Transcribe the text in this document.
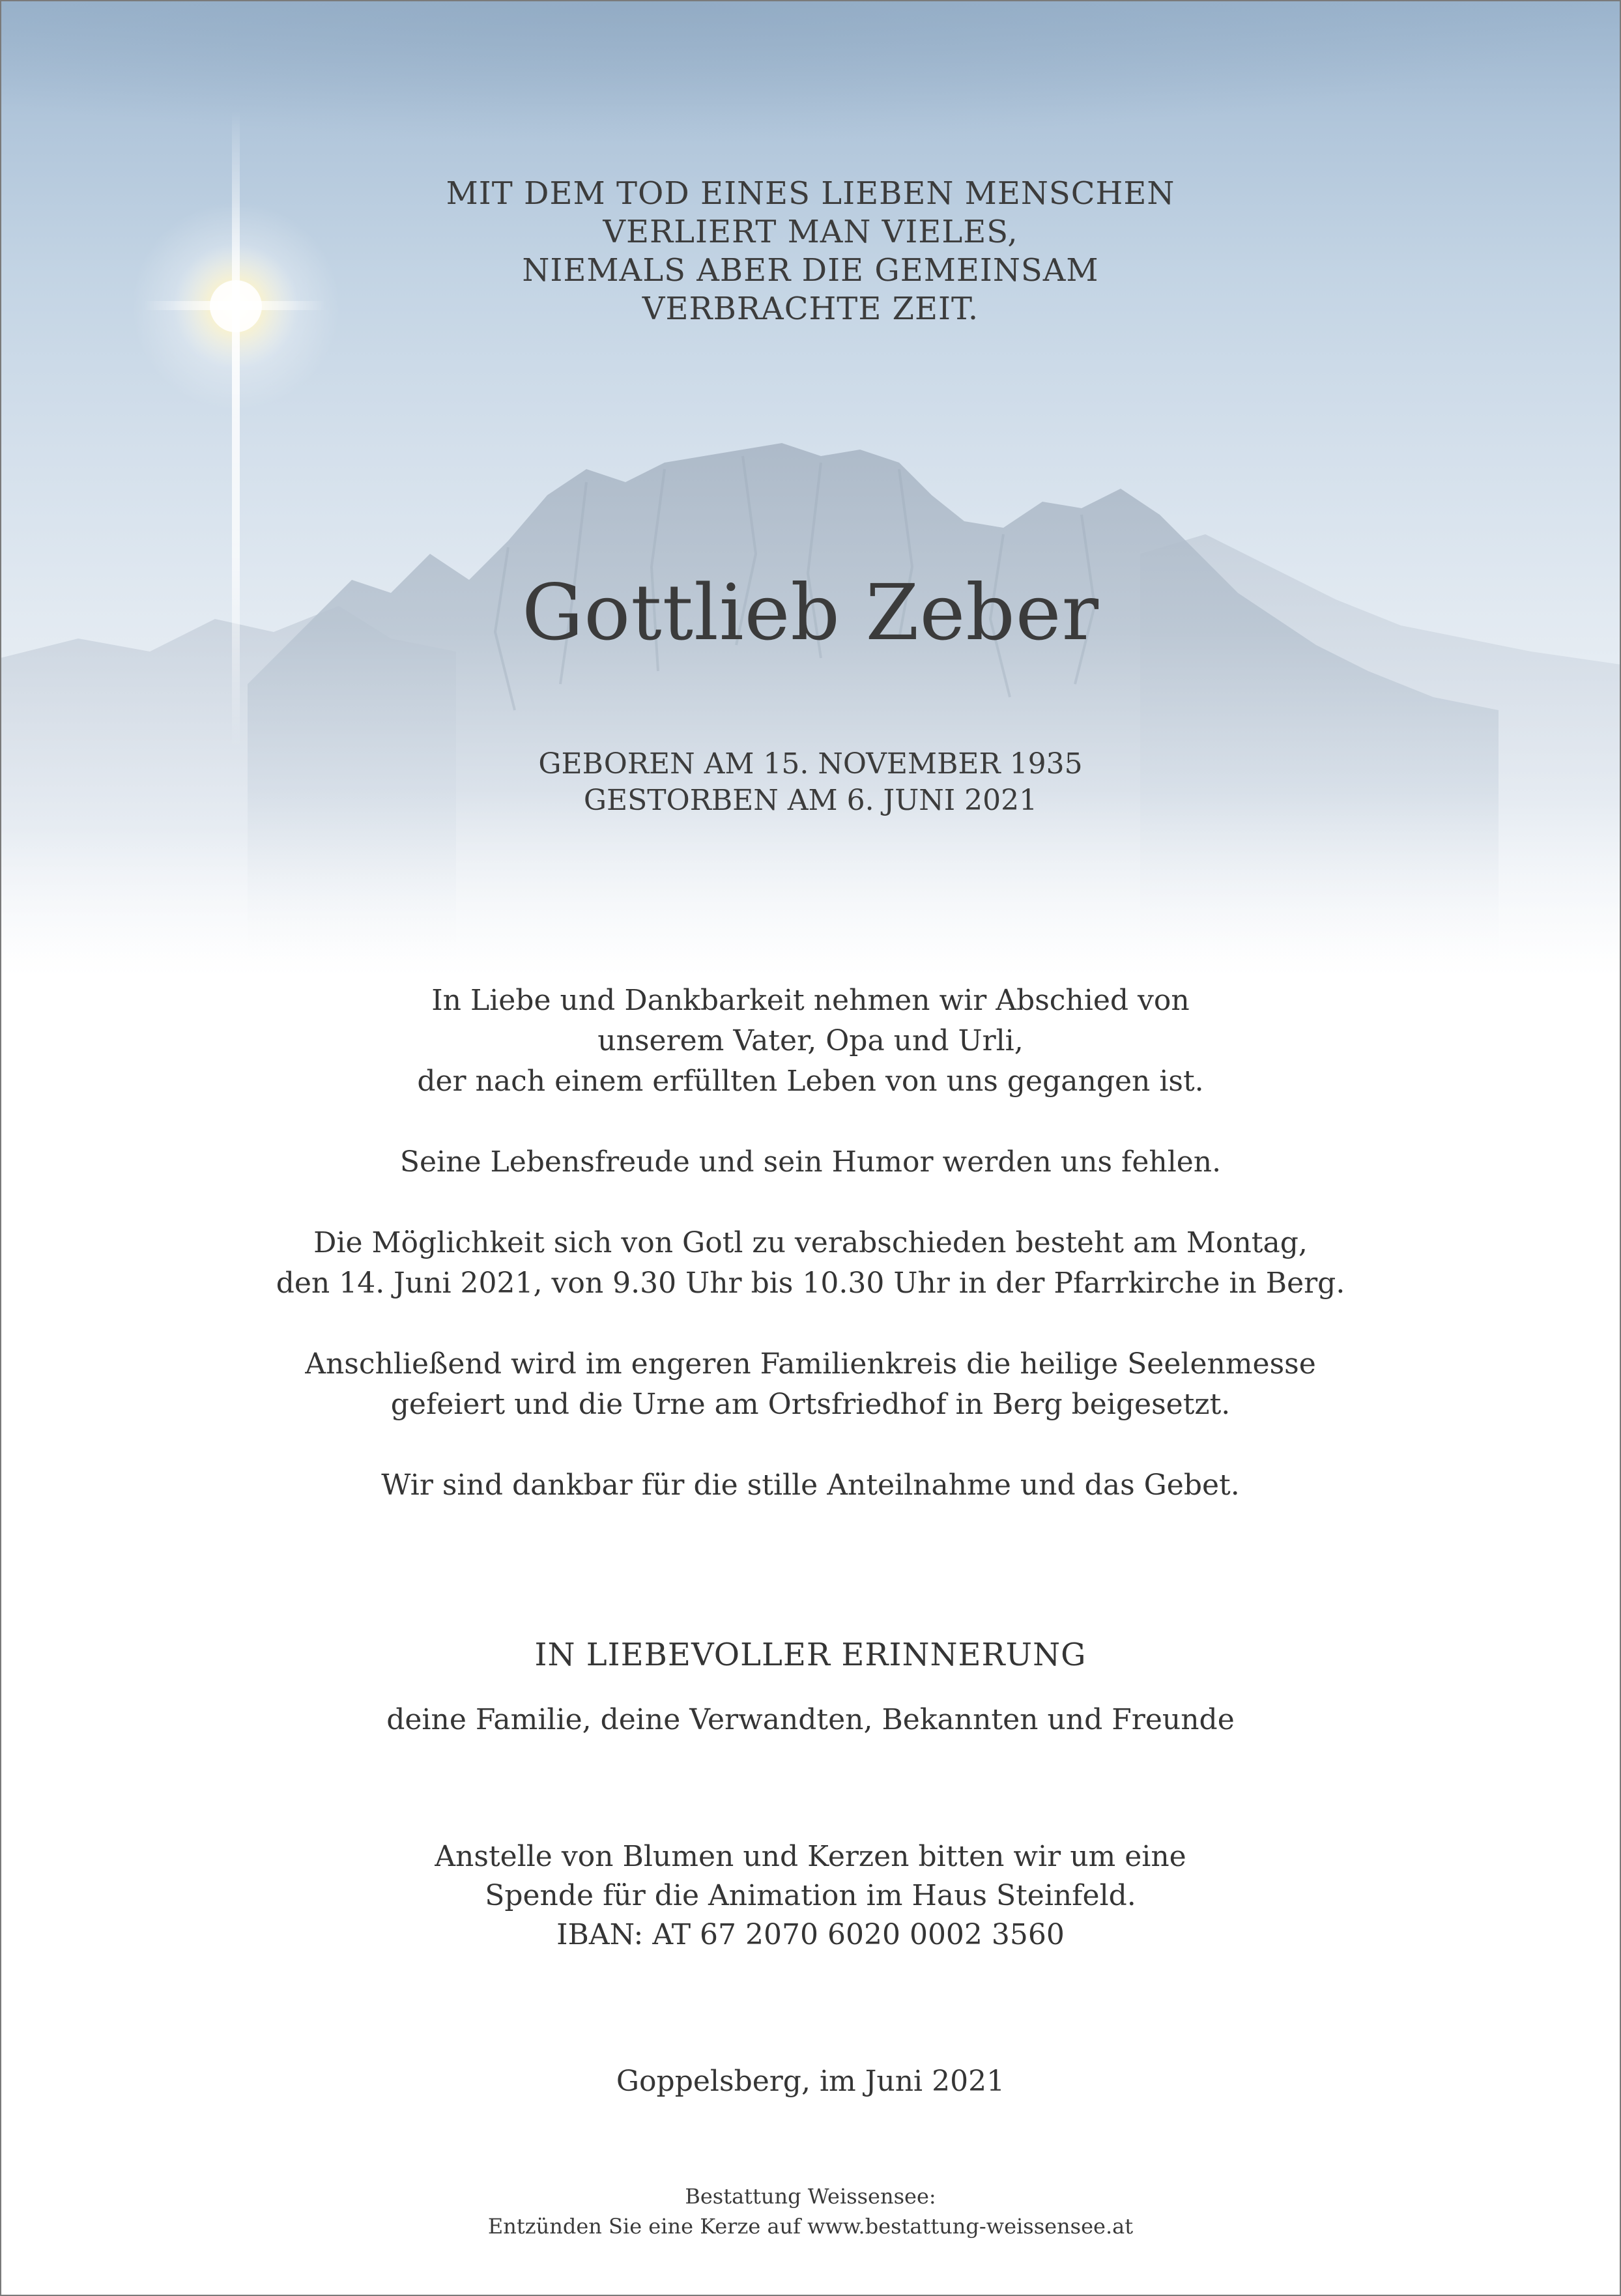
MIT DEM TOD EINES LIEBEN MENSCHEN
VERLIERT MAN VIELES,
NIEMALS ABER DIE GEMEINSAM
VERBRACHTE ZEIT.
Gottlieb Zeber
GEBOREN AM 15. NOVEMBER 1935
GESTORBEN AM 6. JUNI 2021
In Liebe und Dankbarkeit nehmen wir Abschied von
unserem Vater, Opa und Urli,
der nach einem erfüllten Leben von uns gegangen ist.
Seine Lebensfreude und sein Humor werden uns fehlen.
Die Möglichkeit sich von Gotl zu verabschieden besteht am Montag,
den 14. Juni 2021, von 9.30 Uhr bis 10.30 Uhr in der Pfarrkirche in Berg.
Anschließend wird im engeren Familienkreis die heilige Seelenmesse
gefeiert und die Urne am Ortsfriedhof in Berg beigesetzt.
Wir sind dankbar für die stille Anteilnahme und das Gebet.
IN LIEBEVOLLER ERINNERUNG
deine Familie, deine Verwandten, Bekannten und Freunde
Anstelle von Blumen und Kerzen bitten wir um eine
Spende für die Animation im Haus Steinfeld.
IBAN: AT 67 2070 6020 0002 3560
Goppelsberg, im Juni 2021
Bestattung Weissensee:
Entzünden Sie eine Kerze auf www.bestattung-weissensee.at
